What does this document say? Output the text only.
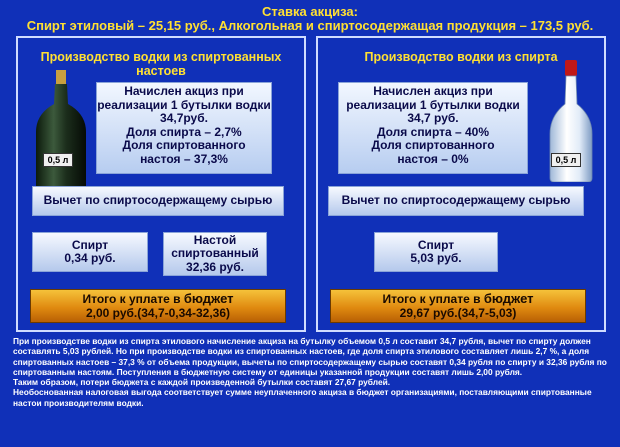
Ставка акциза:
Спирт этиловый – 25,15 руб., Алкогольная и спиртосодержащая продукция – 173,5 руб.
Производство водки из спиртованных
настоев
0,5 л
Начислен акциз при
реализации 1 бутылки водки
34,7руб.
Доля спирта – 2,7%
Доля спиртованного
настоя – 37,3%
Вычет по спиртосодержащему сырью
Спирт
0,34 руб.
Настой
спиртованный
32,36 руб.
Итого к уплате в бюджет
2,00 руб.(34,7-0,34-32,36)
Производство водки из спирта
0,5 л
Начислен акциз при
реализации 1 бутылки водки
34,7 руб.
Доля спирта – 40%
Доля спиртованного
настоя – 0%
Вычет по спиртосодержащему сырью
Спирт
5,03 руб.
Итого к уплате в бюджет
29,67 руб.(34,7-5,03)
При производстве водки из спирта этилового начисление акциза на бутылку объемом 0,5 л составит 34,7 рубля, вычет по спирту должен составлять 5,03 рублей. Но при производстве водки из спиртованных настоев, где доля спирта этилового составляет лишь 2,7 %, а доля спиртованных настоев – 37,3 % от объема продукции, вычеты по спиртосодержащему сырью составят 0,34 рубля по спирту и 32,36 рубля по спиртованным настоям. Поступления в бюджетную систему от единицы указанной продукции составят лишь 2,00 рубля.
Таким образом, потери бюджета с каждой произведенной бутылки составят 27,67 рублей.
Необоснованная налоговая выгода соответствует сумме неуплаченного акциза в бюджет организациями, поставляющими спиртованные настои производителям водки.
